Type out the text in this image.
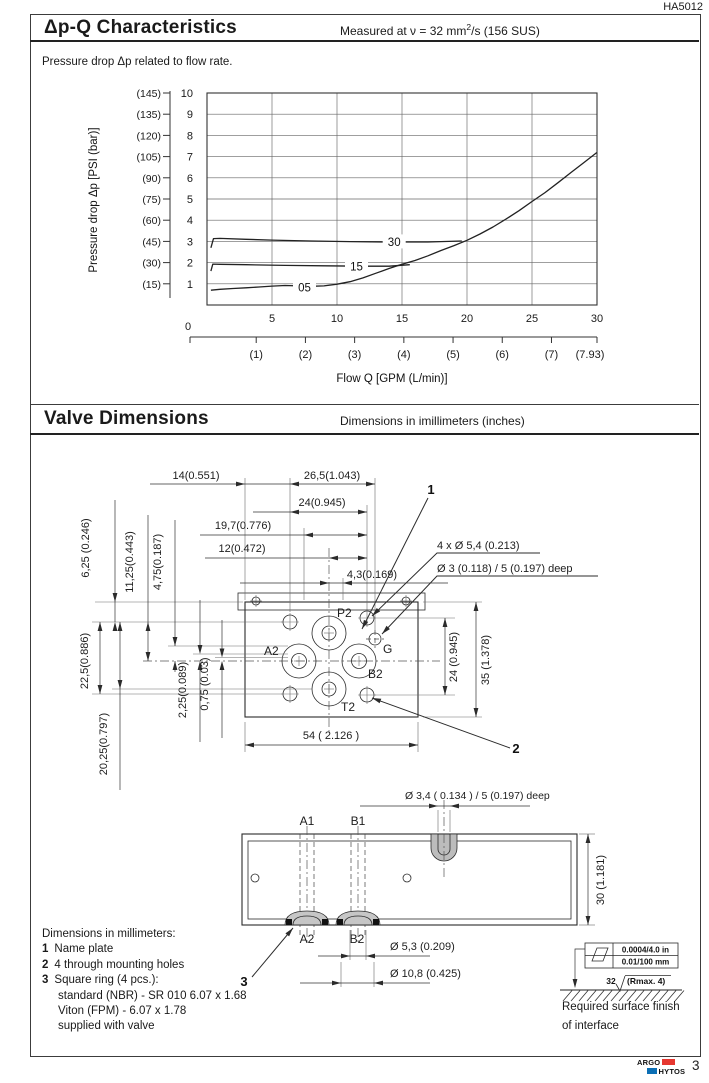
HA5012
1
2
3
4
5
6
7
8
9
10
(15)
(30)
(45)
(60)
(75)
(90)
(105)
(120)
(135)
(145)
5	10	15	20	25	30
(1)	(2)	(3)	(4)	(5)	(6)	(7) (7.93)
05
15
30
0
Flow Q [GPM (L/min)]
Pressure drop Δp [PSI (bar)]
14(0.551)	26,5(1.043)
24(0.945)
19,7(0.776)
12(0.472)
4,3(0.169)
4 x Ø 5,4 (0.213)
Ø 3 (0.118) / 5 (0.197) deep
6,25 (0.246)	11,25(0.443) 4,75(0.187)
22,5(0.886)
20,25(0.797)
2,25(0.089) 0,75 (0.03)
24 (0.945) 35 (1.378)
54 ( 2.126 )
1
2
P2
A2	G
B2
T2
Ø 3,4 ( 0.134 ) / 5 (0.197) deep
A1	B1
30 (1.181)
A2	B2
Ø 5,3 (0.209)
Ø 10,8 (0.425)
3
0.0004/4.0 in
0.01/100 mm
32 (Rmax. 4)
Δp-Q Characteristics	Measured at ν = 32 $mm^2/s$ (156 SUS)
Pressure drop Δp related to flow rate.
Valve Dimensions	Dimensions in imillimeters (inches)
Dimensions in millimeters:
1 Name plate
2 4 through mounting holes
3 Square ring (4 pcs.):
standard (NBR) - SR 010 6.07 x 1.68
Viton (FPM) - 6.07 x 1.78
supplied with valve
Required surface finish
of interface
ARGO
HYTOS 3
